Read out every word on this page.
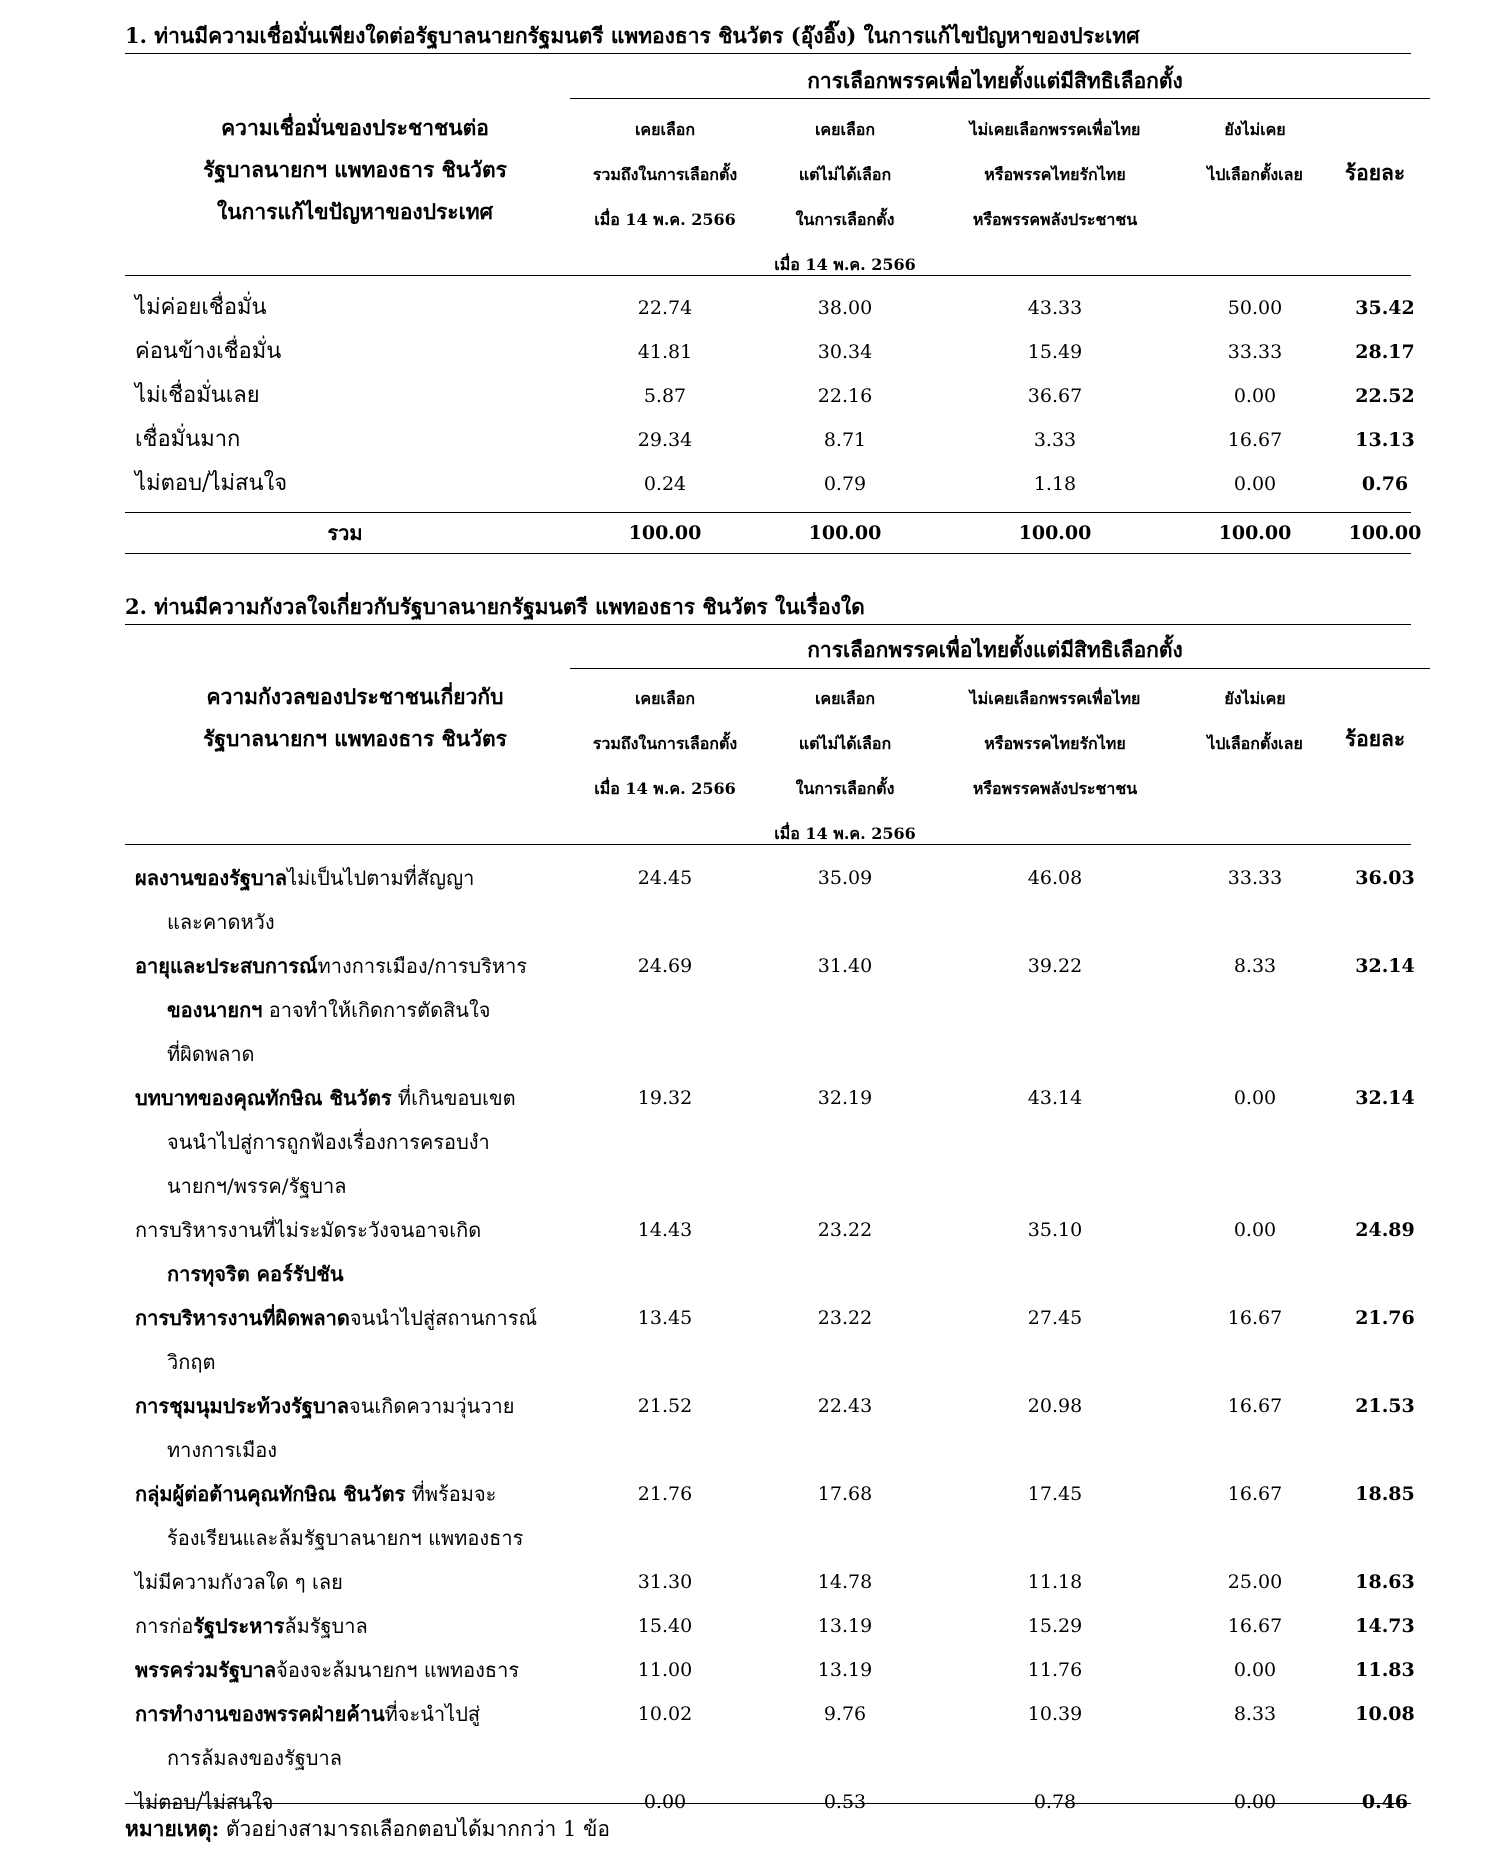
1. ท่านมีความเชื่อมั่นเพียงใดต่อรัฐบาลนายกรัฐมนตรี แพทองธาร ชินวัตร (อุ๊งอิ๊ง) ในการแก้ไขปัญหาของประเทศ
การเลือกพรรคเพื่อไทยตั้งแต่มีสิทธิเลือกตั้ง
ความเชื่อมั่นของประชาชนต่อ
รัฐบาลนายกฯ แพทองธาร ชินวัตร
ในการแก้ไขปัญหาของประเทศ
เคยเลือก
รวมถึงในการเลือกตั้ง
เมื่อ 14 พ.ค. 2566
เคยเลือก
แต่ไม่ได้เลือก
ในการเลือกตั้ง
เมื่อ 14 พ.ค. 2566
ไม่เคยเลือกพรรคเพื่อไทย
หรือพรรคไทยรักไทย
หรือพรรคพลังประชาชน
ยังไม่เคย
ไปเลือกตั้งเลย	ร้อยละ
ไม่ค่อยเชื่อมั่น	22.74	38.00	43.33	50.00	35.42
ค่อนข้างเชื่อมั่น	41.81	30.34	15.49	33.33	28.17
ไม่เชื่อมั่นเลย	5.87	22.16	36.67	0.00	22.52
เชื่อมั่นมาก	29.34	8.71	3.33	16.67	13.13
ไม่ตอบ/ไม่สนใจ	0.24	0.79	1.18	0.00	0.76
รวม	100.00	100.00	100.00	100.00	100.00
2. ท่านมีความกังวลใจเกี่ยวกับรัฐบาลนายกรัฐมนตรี แพทองธาร ชินวัตร ในเรื่องใด
การเลือกพรรคเพื่อไทยตั้งแต่มีสิทธิเลือกตั้ง
ความกังวลของประชาชนเกี่ยวกับ
รัฐบาลนายกฯ แพทองธาร ชินวัตร
เคยเลือก
รวมถึงในการเลือกตั้ง
เมื่อ 14 พ.ค. 2566
เคยเลือก
แต่ไม่ได้เลือก
ในการเลือกตั้ง
เมื่อ 14 พ.ค. 2566
ไม่เคยเลือกพรรคเพื่อไทย
หรือพรรคไทยรักไทย
หรือพรรคพลังประชาชน
ยังไม่เคย
ไปเลือกตั้งเลย	ร้อยละ
ผลงานของรัฐบาลไม่เป็นไปตามที่สัญญา
และคาดหวัง
24.45	35.09	46.08	33.33	36.03
อายุและประสบการณ์ทางการเมือง/การบริหาร
ของนายกฯ อาจทำให้เกิดการตัดสินใจ
ที่ผิดพลาด
24.69	31.40	39.22	8.33	32.14
บทบาทของคุณทักษิณ ชินวัตร ที่เกินขอบเขต
จนนำไปสู่การถูกฟ้องเรื่องการครอบงำ
นายกฯ/พรรค/รัฐบาล
19.32	32.19	43.14	0.00	32.14
การบริหารงานที่ไม่ระมัดระวังจนอาจเกิด
การทุจริต คอร์รัปชัน
14.43	23.22	35.10	0.00	24.89
การบริหารงานที่ผิดพลาดจนนำไปสู่สถานการณ์
วิกฤต
13.45	23.22	27.45	16.67	21.76
การชุมนุมประท้วงรัฐบาลจนเกิดความวุ่นวาย
ทางการเมือง
21.52	22.43	20.98	16.67	21.53
กลุ่มผู้ต่อต้านคุณทักษิณ ชินวัตร ที่พร้อมจะ
ร้องเรียนและล้มรัฐบาลนายกฯ แพทองธาร
21.76	17.68	17.45	16.67	18.85
ไม่มีความกังวลใด ๆ เลย	31.30	14.78	11.18	25.00	18.63
การก่อรัฐประหารล้มรัฐบาล	15.40	13.19	15.29	16.67	14.73
พรรคร่วมรัฐบาลจ้องจะล้มนายกฯ แพทองธาร	11.00	13.19	11.76	0.00	11.83
การทำงานของพรรคฝ่ายค้านที่จะนำไปสู่
การล้มลงของรัฐบาล
10.02	9.76	10.39	8.33	10.08
ไม่ตอบ/ไม่สนใจ	0.00	0.53	0.78	0.00	0.46
หมายเหตุ: ตัวอย่างสามารถเลือกตอบได้มากกว่า 1 ข้อ
